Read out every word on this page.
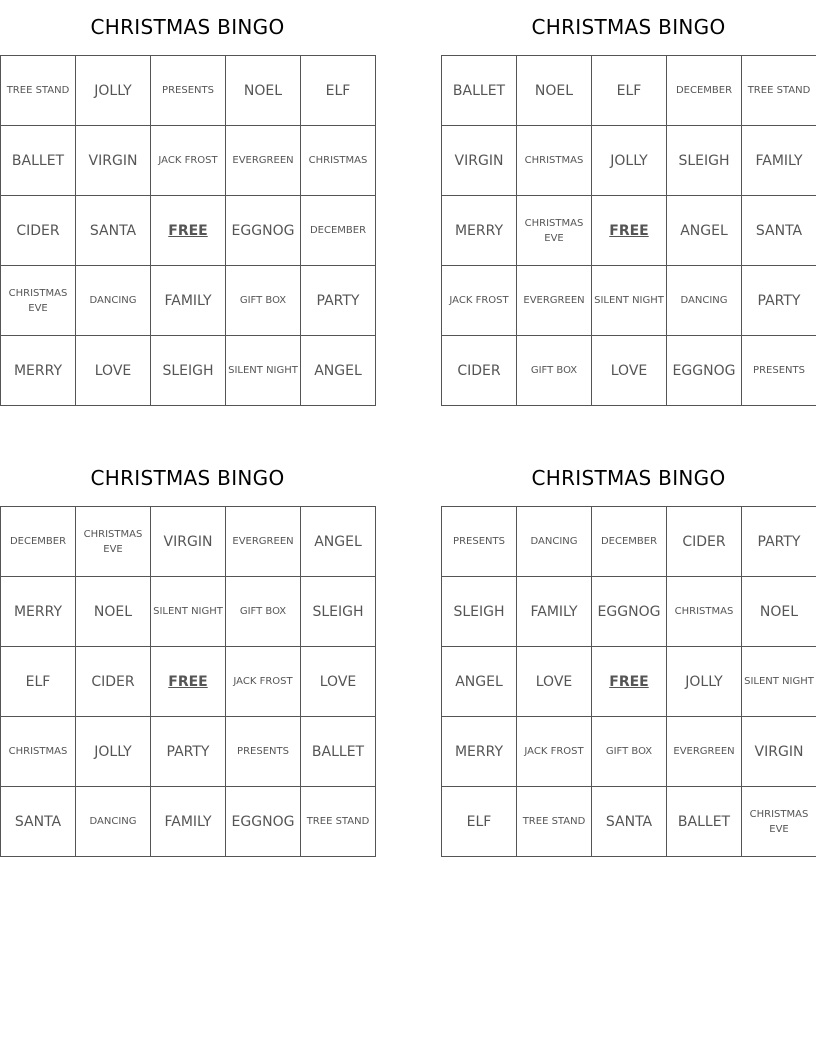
CHRISTMAS BINGO
TREE STAND	JOLLY	PRESENTS	NOEL	ELF
BALLET	VIRGIN	JACK FROST	EVERGREEN	CHRISTMAS
CIDER	SANTA	FREE	EGGNOG	DECEMBER
CHRISTMAS EVE	DANCING	FAMILY	GIFT BOX	PARTY
MERRY	LOVE	SLEIGH	SILENT NIGHT	ANGEL
CHRISTMAS BINGO
BALLET	NOEL	ELF	DECEMBER	TREE STAND
VIRGIN	CHRISTMAS	JOLLY	SLEIGH	FAMILY
MERRY	CHRISTMAS EVE	FREE	ANGEL	SANTA
JACK FROST	EVERGREEN	SILENT NIGHT	DANCING	PARTY
CIDER	GIFT BOX	LOVE	EGGNOG	PRESENTS
CHRISTMAS BINGO
DECEMBER	CHRISTMAS EVE	VIRGIN	EVERGREEN	ANGEL
MERRY	NOEL	SILENT NIGHT	GIFT BOX	SLEIGH
ELF	CIDER	FREE	JACK FROST	LOVE
CHRISTMAS	JOLLY	PARTY	PRESENTS	BALLET
SANTA	DANCING	FAMILY	EGGNOG	TREE STAND
CHRISTMAS BINGO
PRESENTS	DANCING	DECEMBER	CIDER	PARTY
SLEIGH	FAMILY	EGGNOG	CHRISTMAS	NOEL
ANGEL	LOVE	FREE	JOLLY	SILENT NIGHT
MERRY	JACK FROST	GIFT BOX	EVERGREEN	VIRGIN
ELF	TREE STAND	SANTA	BALLET	CHRISTMAS EVE
